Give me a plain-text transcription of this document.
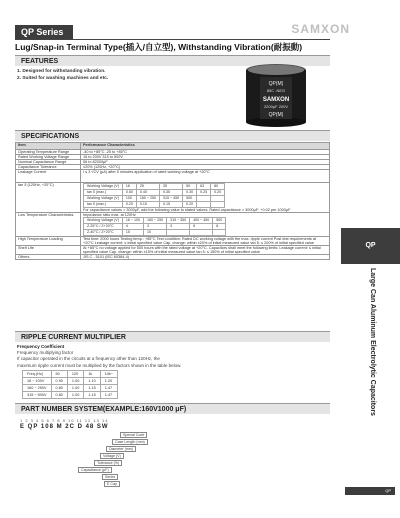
QP Series	SAMXON
Lug/Snap-in Terminal Type(插入/自立型), Withstanding Vibration(耐振動)
FEATURES
1. Designed for withstanding vibration.
2. Suited for washing machines and etc.
QP(M)
85C -NEG
SAMXON
2200μF 200V
QP(M)
SPECIFICATIONS
Item	Performance Characteristics
Operating Temperature Range	-40 to +85°C -25 to +85°C
Rated Working Voltage Range	16 to 200V 315 to 500V
Nominal Capacitance Range	56 to 82000μF
Capacitance Tolerance	±20% (120Hz, +20°C)
Leakage Current	I ≤ 3 √CV (μA) after 5 minutes application of rated working voltage at +20°C
tan δ (120Hz, +20°C)		Working Voltage (V)	16	25	35	50	63	80
tan δ (max.)	0.50	0.40	0.35	0.30	0.25	0.20
Working Voltage (V)	100	160 ~ 250	315 ~ 450	500		
tan δ (max.)	0.20	0.15	0.15	0.20		
For capacitance values > 3000μF, add the following value to stated values: Rated capacitance > 3000μF: +0.02 per 1000μF

Low Temperature Characteristics	Impedance ratio max. at 120Hz
Working Voltage (V)	16 ~ 100	160 ~ 250	315 ~ 350	400 ~ 450	500
Z-25°C / Z+20°C	4	3	3	6	8
Z-40°C / Z+20°C	15	10			

High Temperature Loading	Test time: 2000 hours Testing temp.: +85°C Test condition: Rated DC working voltage with the max. ripple current Post test requirements at +20°C Leakage current: ≤ initial specified value Cap. change: within ±20% of initial measured value tan δ: ≤ 200% of initial specified value
Shelf Life	At +85°C no voltage applied for 500 hours with the rated voltage at +20°C. Capacitors shall meet the following limits: Leakage current: ≤ initial specified value Cap. change: within ±15% of initial measured value tan δ: ≤ 150% of initial specified value
Others	JIS C - 5101 (IEC 60384-4)
QP
Large Can Aluminum Electrolytic Capacitors
RIPPLE CURRENT MULTIPLIER
Frequency Coefficient
Frequency multiplying factor
If capacitor operated in the circuits at a frequency other than 120Hz, the
maximum ripple current must be multiplied by the factors shown in the table below.
Freq.(Hz)	50	120	1k	10k~
16 ~ 100V	0.90	1.00	1.10	1.20
160 ~ 250V	0.80	1.00	1.15	1.47
315 ~ 500V	0.80	1.00	1.15	1.47
PART NUMBER SYSTEM(EXAMPLE:160V1000 μF)
1 2 3 4 5 6 7 8 9 10 11 12 13 14
E QP 108 M 2C D 48 SW
Special Code
Case Length (mm)
Diameter (mm)
Voltage (V)
Tolerance (%)
Capacitance (μF)
Series
E Cap
QP
